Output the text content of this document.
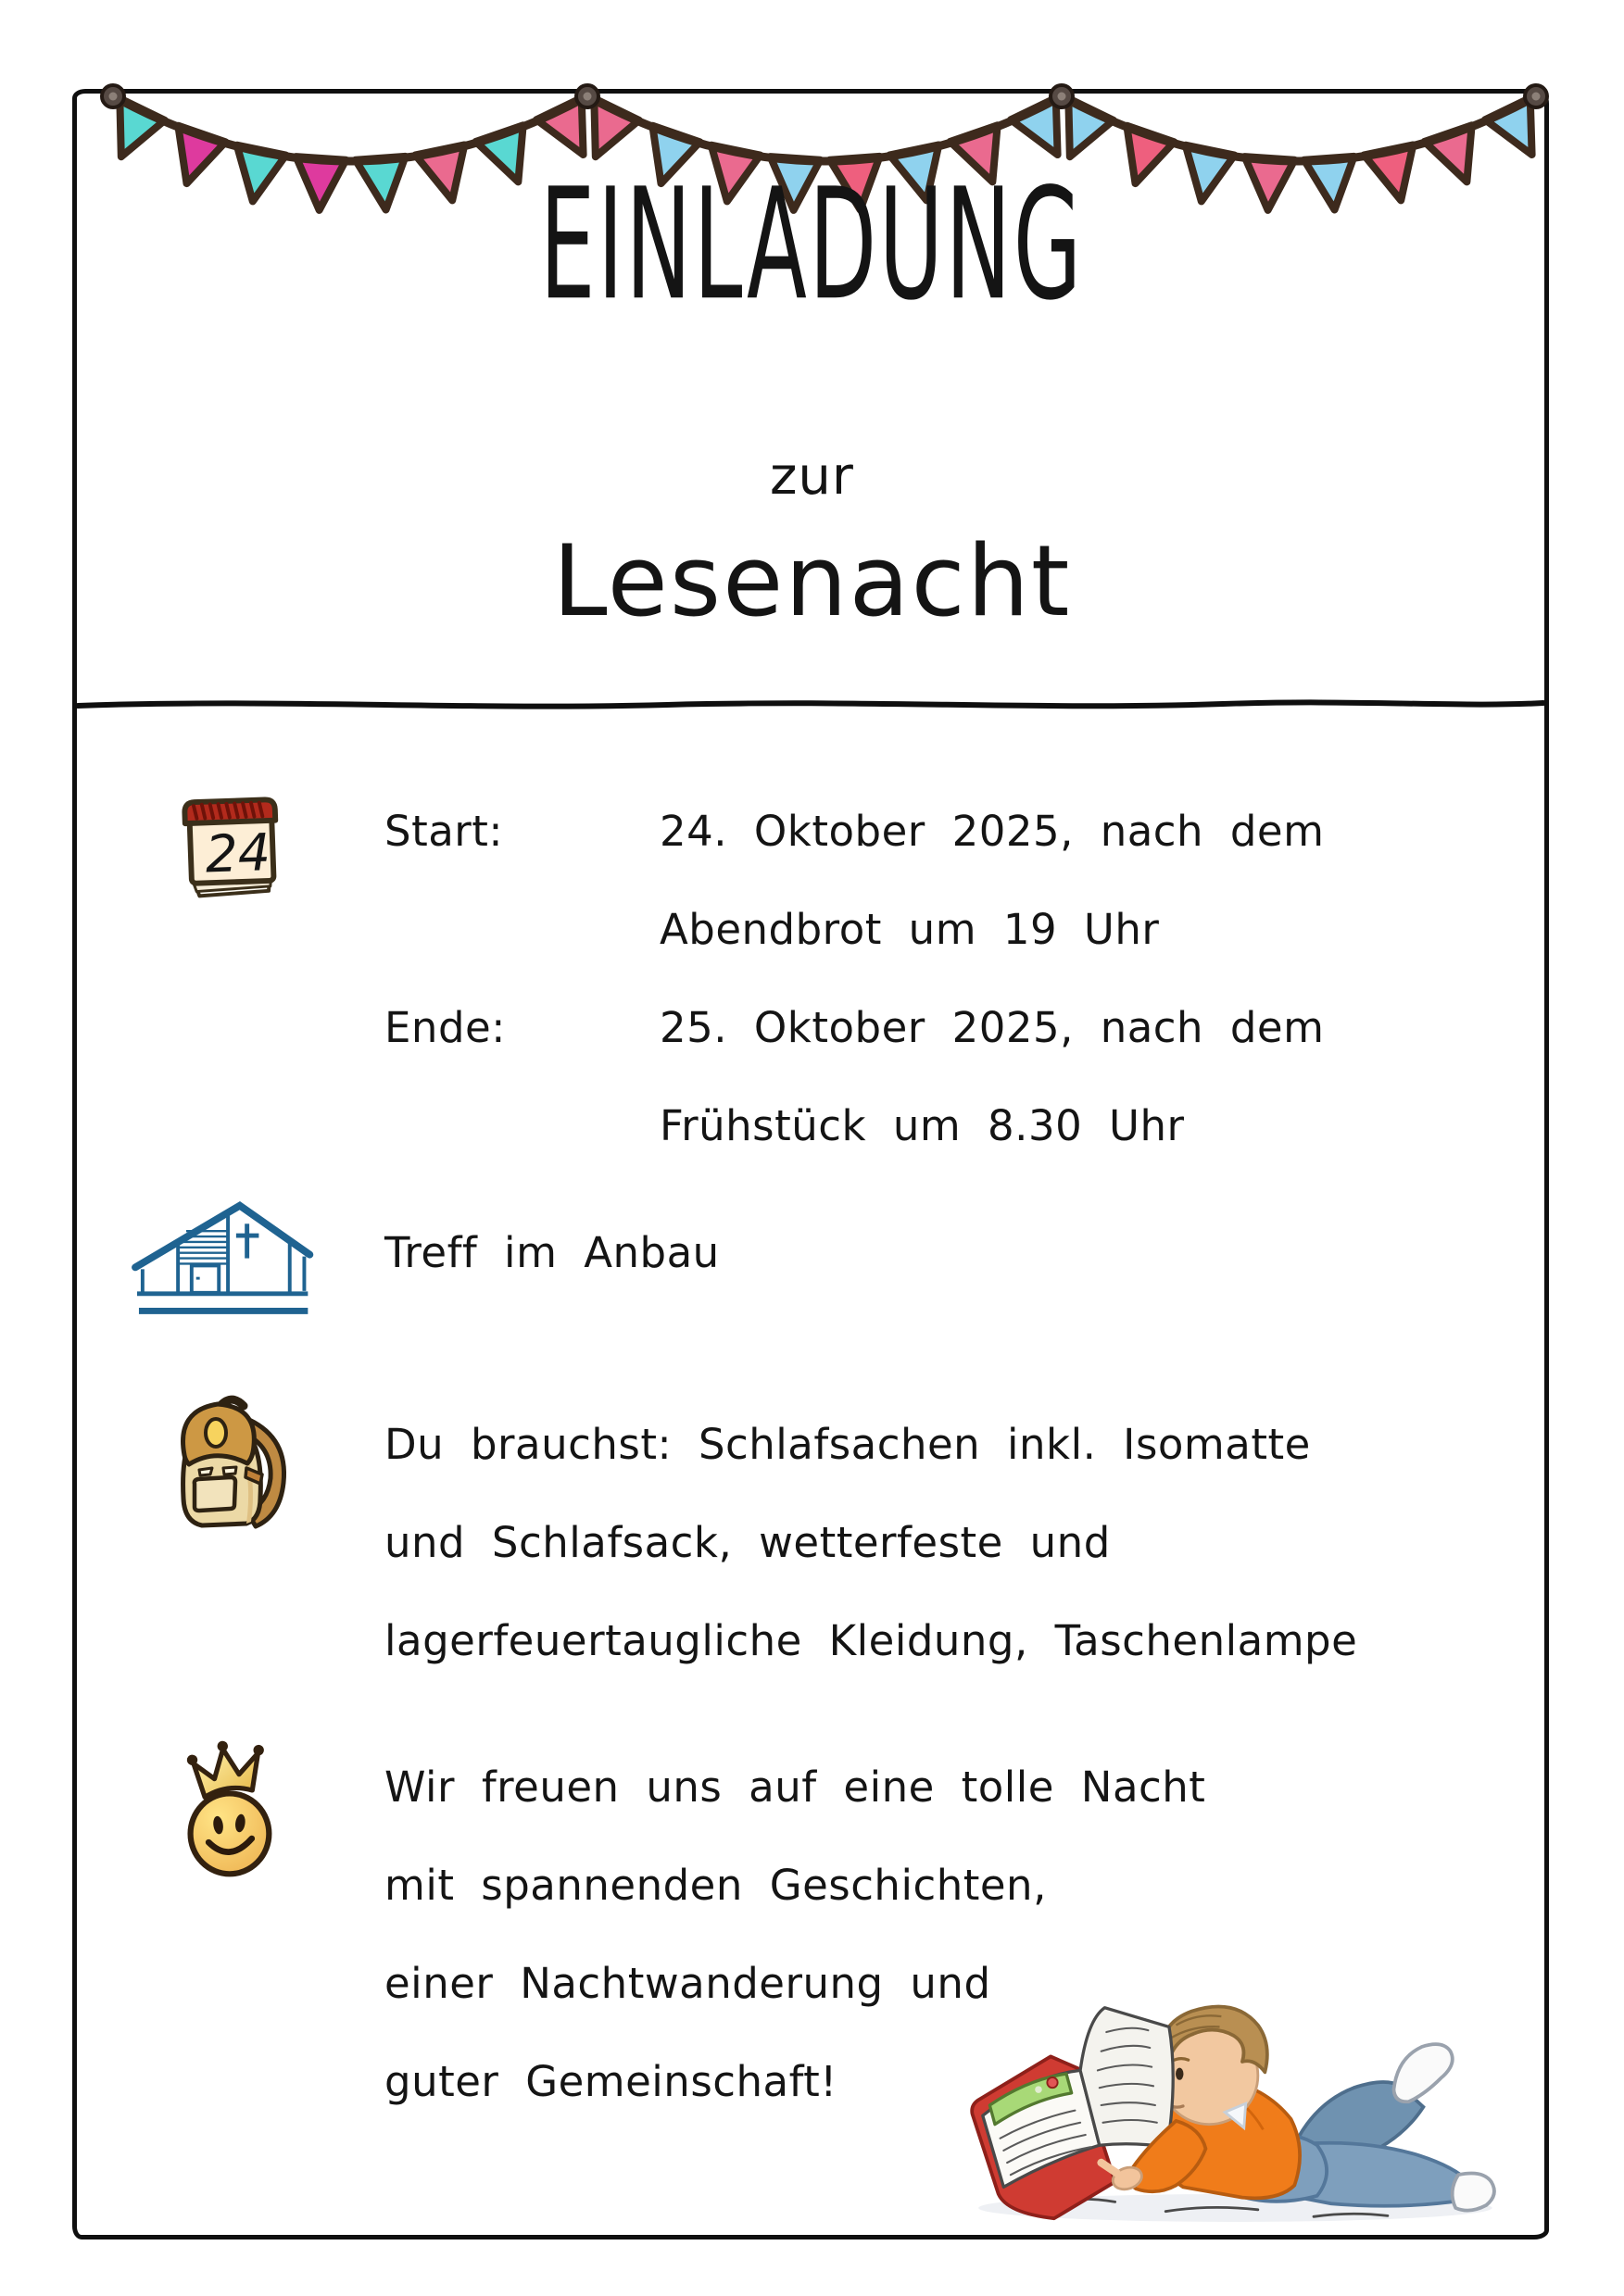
EINLADUNG
zur
Lesenacht
24	Start:	24. Oktober 2025, nach dem
Abendbrot um 19 Uhr
Ende:	25. Oktober 2025, nach dem
Frühstück um 8.30 Uhr
Treff im Anbau
Du brauchst: Schlafsachen inkl. Isomatte
und Schlafsack, wetterfeste und
lagerfeuertaugliche Kleidung, Taschenlampe
Wir freuen uns auf eine tolle Nacht
mit spannenden Geschichten,
einer Nachtwanderung und
guter Gemeinschaft!
